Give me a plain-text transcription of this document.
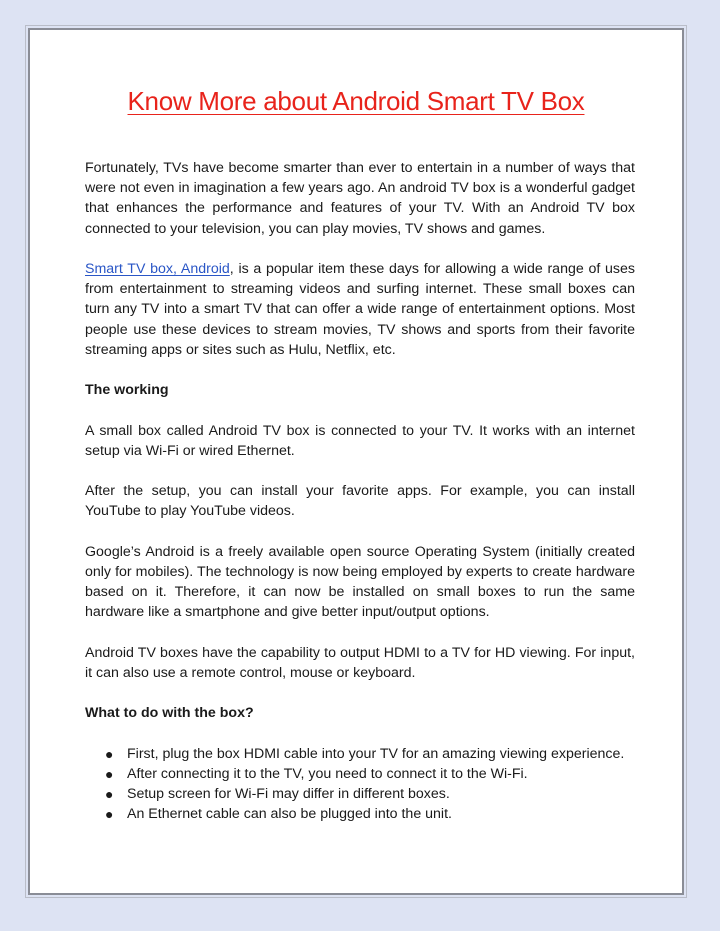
Know More about Android Smart TV Box

Fortunately, TVs have become smarter than ever to entertain in a number of ways that were not even in imagination a few years ago. An android TV box is a wonderful gadget that enhances the performance and features of your TV. With an Android TV box connected to your television, you can play movies, TV shows and games.

Smart TV box, Android, is a popular item these days for allowing a wide range of uses from entertainment to streaming videos and surfing internet. These small boxes can turn any TV into a smart TV that can offer a wide range of entertainment options. Most people use these devices to stream movies, TV shows and sports from their favorite streaming apps or sites such as Hulu, Netflix, etc.

The working

A small box called Android TV box is connected to your TV. It works with an internet setup via Wi-Fi or wired Ethernet.

After the setup, you can install your favorite apps. For example, you can install YouTube to play YouTube videos.

Google’s Android is a freely available open source Operating System (initially created only for mobiles). The technology is now being employed by experts to create hardware based on it. Therefore, it can now be installed on small boxes to run the same hardware like a smartphone and give better input/output options.

Android TV boxes have the capability to output HDMI to a TV for HD viewing. For input, it can also use a remote control, mouse or keyboard.

What to do with the box?
● First, plug the box HDMI cable into your TV for an amazing viewing experience.
● After connecting it to the TV, you need to connect it to the Wi-Fi.
● Setup screen for Wi-Fi may differ in different boxes.
● An Ethernet cable can also be plugged into the unit.
